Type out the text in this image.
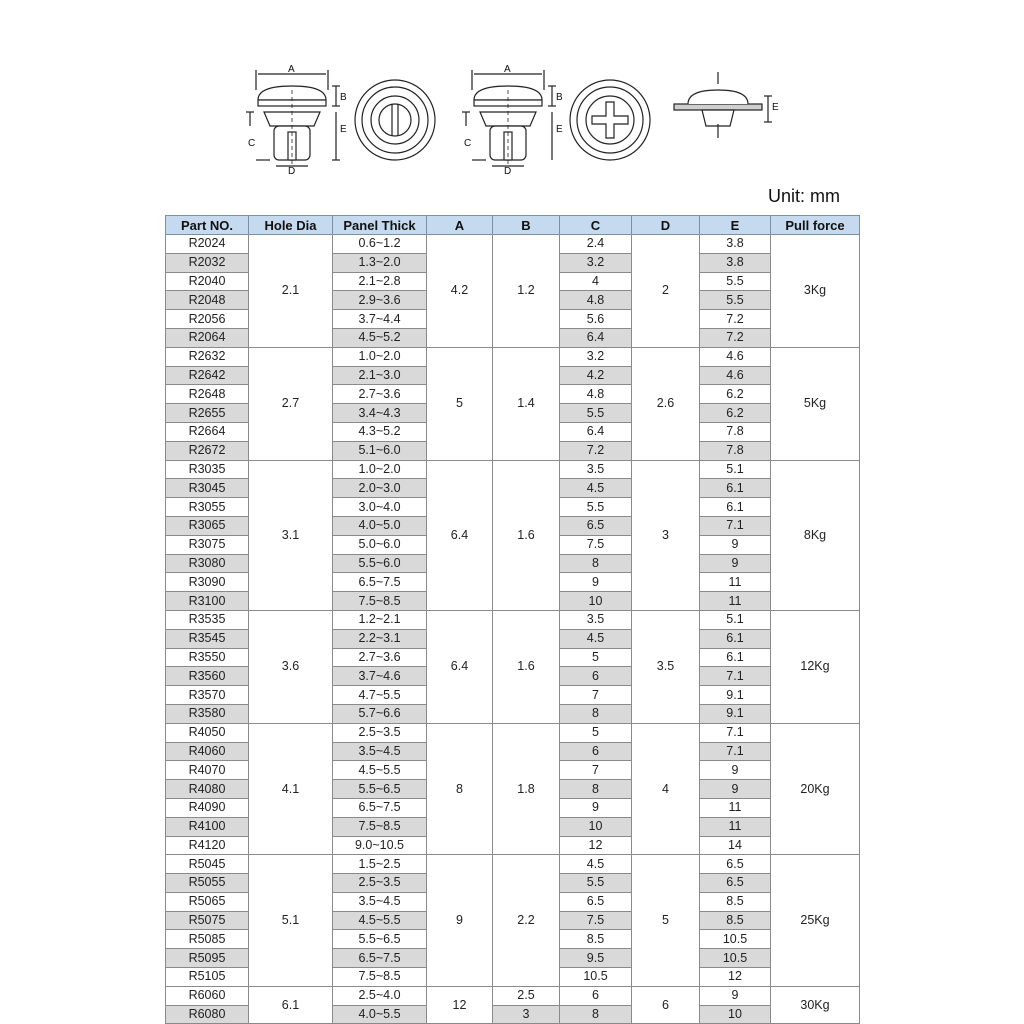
A
B
E
C
D
A
B
E
C
D
E
Unit: mm
Part NO.	Hole Dia	Panel Thick	A	B	C	D	E	Pull force
R2024	2.1	0.6~1.2	4.2	1.2	2.4	2	3.8	3Kg
R2032		1.3~2.0			3.2		3.8	
R2040		2.1~2.8			4		5.5	
R2048		2.9~3.6			4.8		5.5	
R2056		3.7~4.4			5.6		7.2	
R2064		4.5~5.2			6.4		7.2	
R2632	2.7	1.0~2.0	5	1.4	3.2	2.6	4.6	5Kg
R2642		2.1~3.0			4.2		4.6	
R2648		2.7~3.6			4.8		6.2	
R2655		3.4~4.3			5.5		6.2	
R2664		4.3~5.2			6.4		7.8	
R2672		5.1~6.0			7.2		7.8	
R3035	3.1	1.0~2.0	6.4	1.6	3.5	3	5.1	8Kg
R3045		2.0~3.0			4.5		6.1	
R3055		3.0~4.0			5.5		6.1	
R3065		4.0~5.0			6.5		7.1	
R3075		5.0~6.0			7.5		9	
R3080		5.5~6.0			8		9	
R3090		6.5~7.5			9		11	
R3100		7.5~8.5			10		11	
R3535	3.6	1.2~2.1	6.4	1.6	3.5	3.5	5.1	12Kg
R3545		2.2~3.1			4.5		6.1	
R3550		2.7~3.6			5		6.1	
R3560		3.7~4.6			6		7.1	
R3570		4.7~5.5			7		9.1	
R3580		5.7~6.6			8		9.1	
R4050	4.1	2.5~3.5	8	1.8	5	4	7.1	20Kg
R4060		3.5~4.5			6		7.1	
R4070		4.5~5.5			7		9	
R4080		5.5~6.5			8		9	
R4090		6.5~7.5			9		11	
R4100		7.5~8.5			10		11	
R4120		9.0~10.5			12		14	
R5045	5.1	1.5~2.5	9	2.2	4.5	5	6.5	25Kg
R5055		2.5~3.5			5.5		6.5	
R5065		3.5~4.5			6.5		8.5	
R5075		4.5~5.5			7.5		8.5	
R5085		5.5~6.5			8.5		10.5	
R5095		6.5~7.5			9.5		10.5	
R5105		7.5~8.5			10.5		12	
R6060	6.1	2.5~4.0	12	2.5	6	6	9	30Kg
R6080		4.0~5.5		3	8		10	
